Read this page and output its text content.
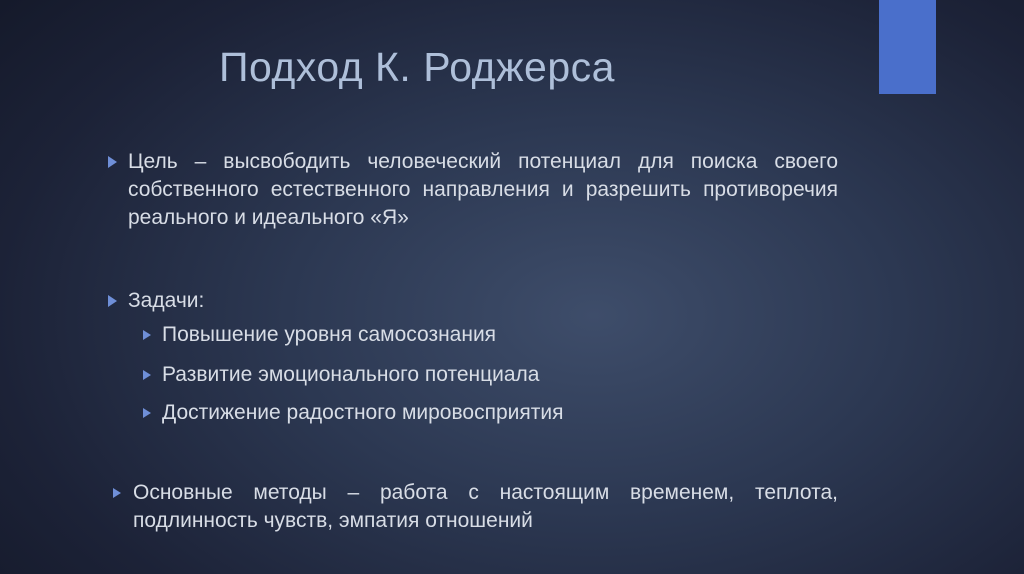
Подход К. Роджерса
Цель – высвободить человеческий потенциал для поиска своего собственного естественного направления и разрешить противоречия реального и идеального «Я»
Задачи:
Повышение уровня самосознания
Развитие эмоционального потенциала
Достижение радостного мировосприятия
Основные методы – работа с настоящим временем, теплота, подлинность чувств, эмпатия отношений
